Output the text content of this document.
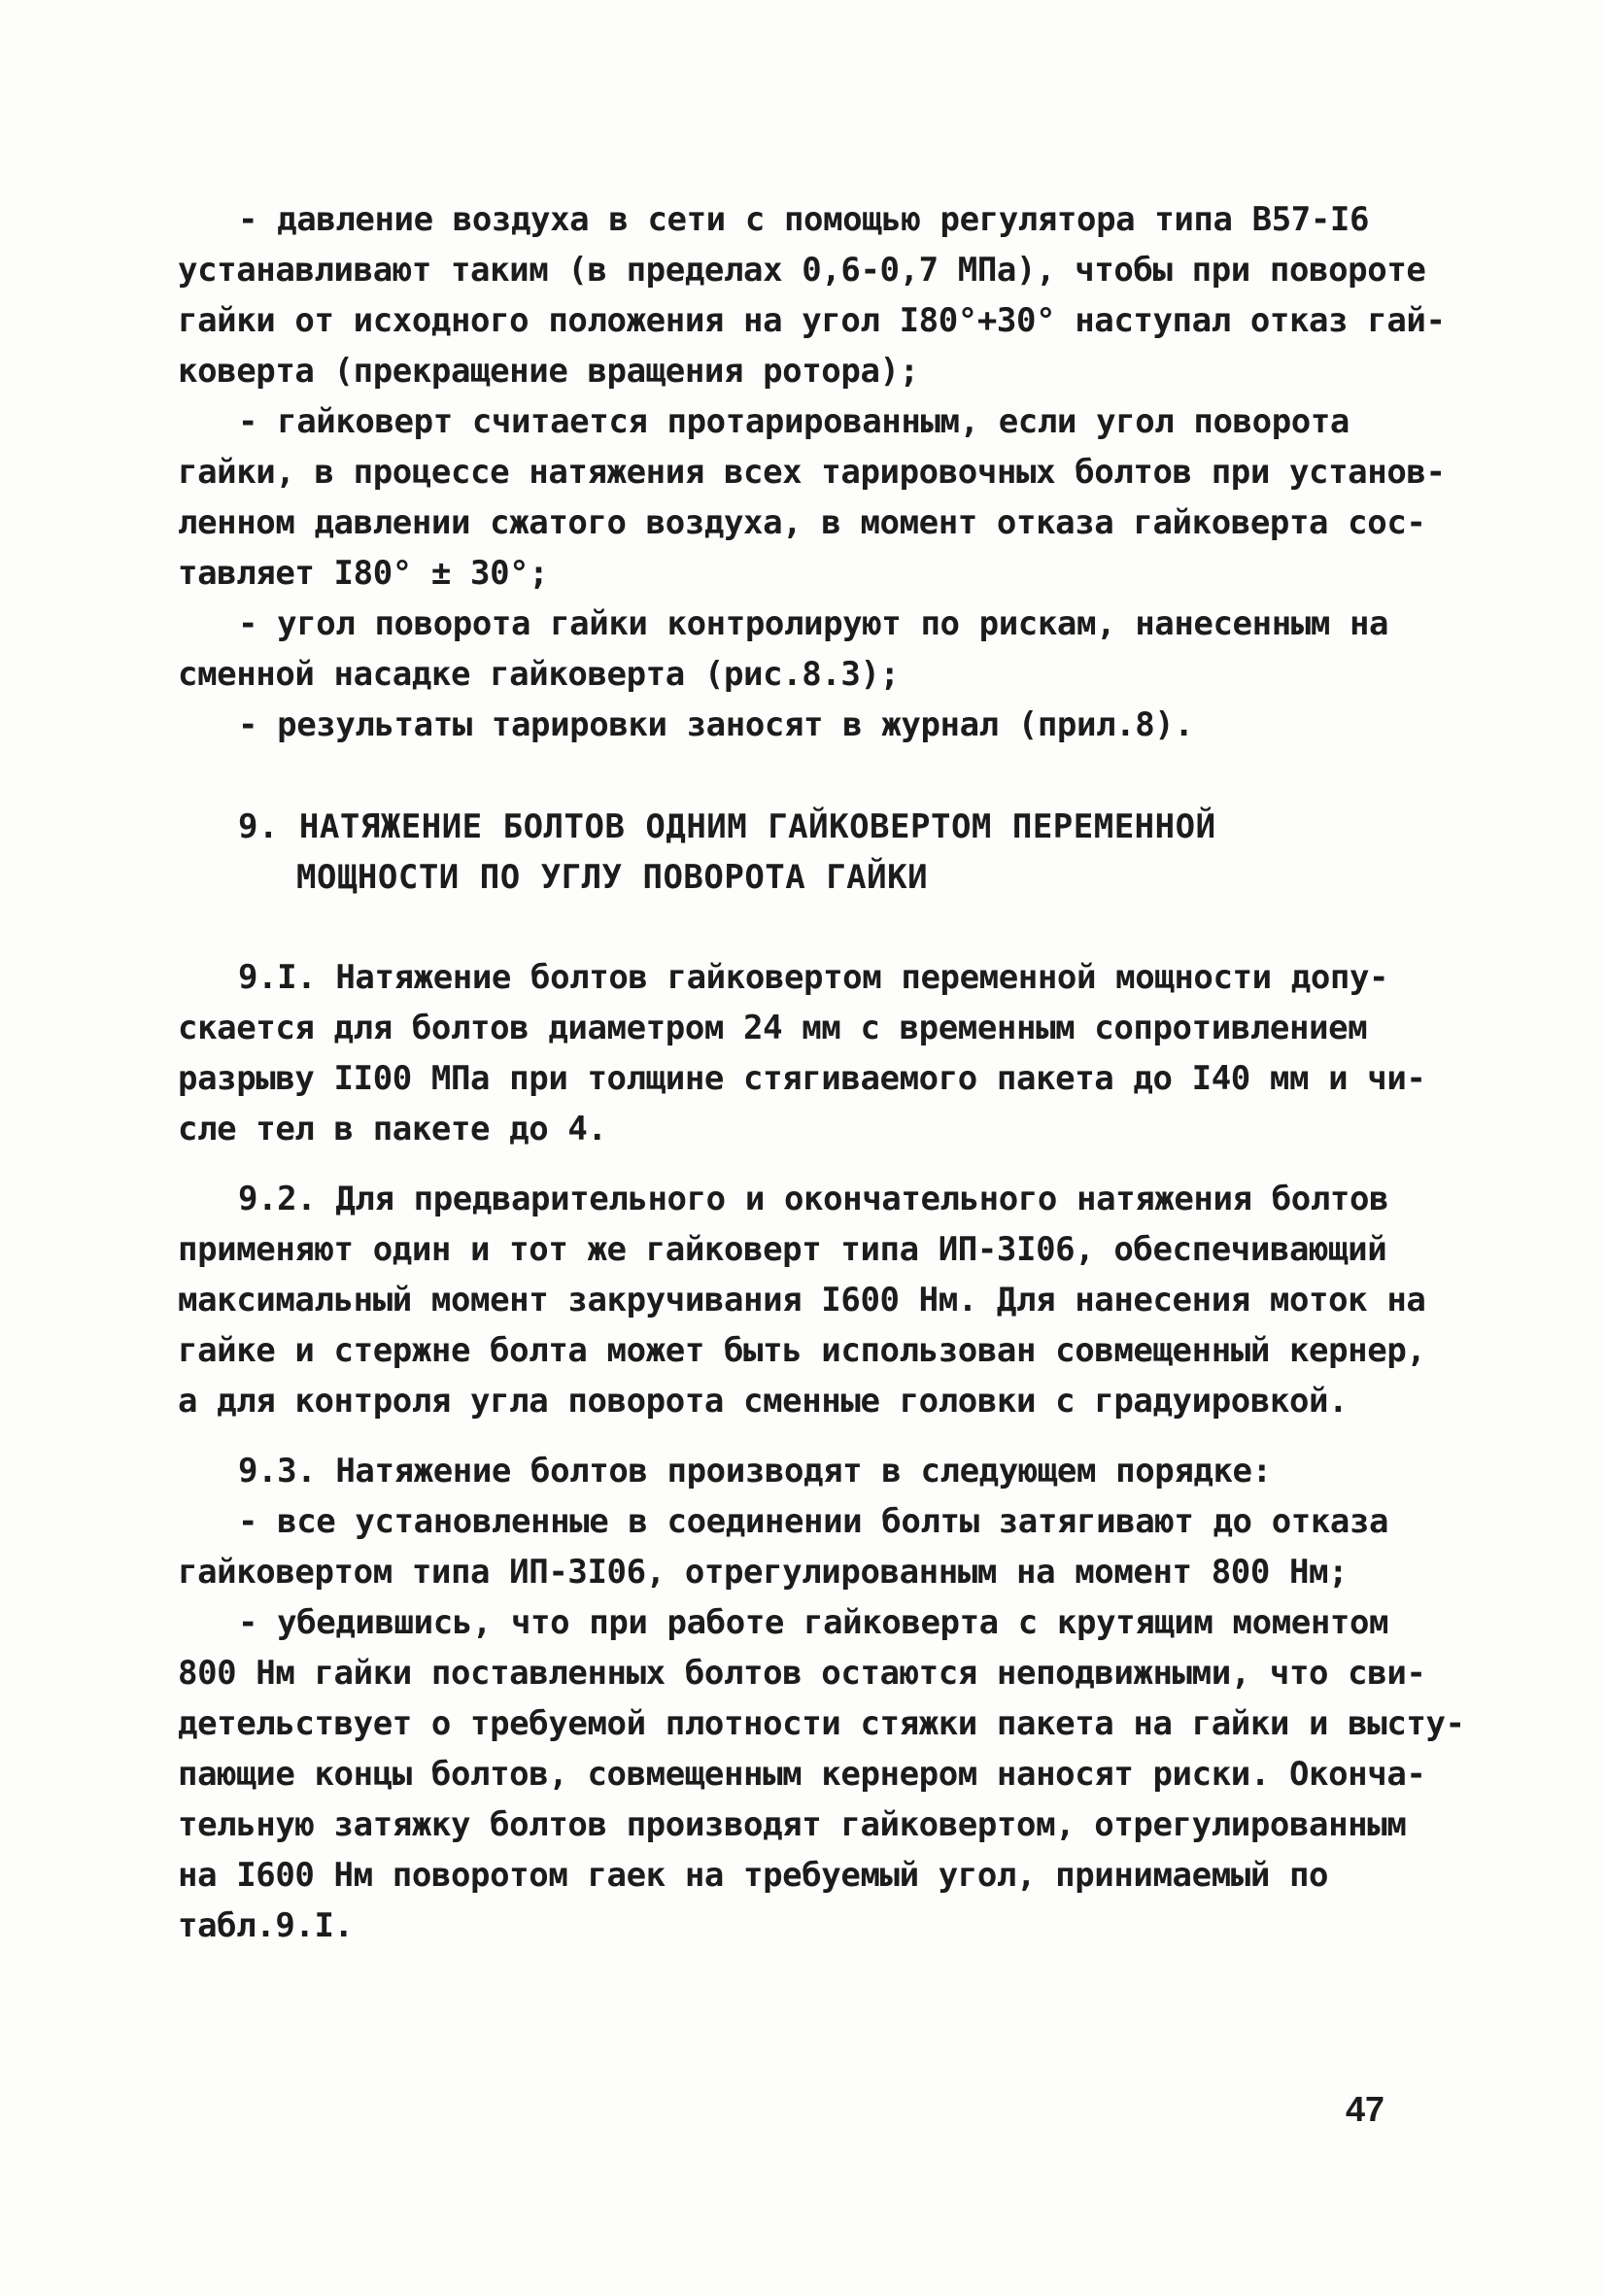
- давление воздуха в сети с помощью регулятора типа В57-I6
устанавливают таким (в пределах 0,6-0,7 МПа), чтобы при повороте
гайки от исходного положения на угол I80°+30° наступал отказ гай-
коверта (прекращение вращения ротора);
- гайковерт считается протарированным, если угол поворота
гайки, в процессе натяжения всех тарировочных болтов при установ-
ленном давлении сжатого воздуха, в момент отказа гайковерта сос-
тавляет I80° ± 30°;
- угол поворота гайки контролируют по рискам, нанесенным на
сменной насадке гайковерта (рис.8.3);
- результаты тарировки заносят в журнал (прил.8).
9. НАТЯЖЕНИЕ БОЛТОВ ОДНИМ ГАЙКОВЕРТОМ ПЕРЕМЕННОЙ
МОЩНОСТИ ПО УГЛУ ПОВОРОТА ГАЙКИ
9.I. Натяжение болтов гайковертом переменной мощности допу-
скается для болтов диаметром 24 мм с временным сопротивлением
разрыву II00 МПа при толщине стягиваемого пакета до I40 мм и чи-
сле тел в пакете до 4.
9.2. Для предварительного и окончательного натяжения болтов
применяют один и тот же гайковерт типа ИП-3I06, обеспечивающий
максимальный момент закручивания I600 Нм. Для нанесения моток на
гайке и стержне болта может быть использован совмещенный кернер,
а для контроля угла поворота сменные головки с градуировкой.
9.3. Натяжение болтов производят в следующем порядке:
- все установленные в соединении болты затягивают до отказа
гайковертом типа ИП-3I06, отрегулированным на момент 800 Нм;
- убедившись, что при работе гайковерта с крутящим моментом
800 Нм гайки поставленных болтов остаются неподвижными, что сви-
детельствует о требуемой плотности стяжки пакета на гайки и высту-
пающие концы болтов, совмещенным кернером наносят риски. Оконча-
тельную затяжку болтов производят гайковертом, отрегулированным
на I600 Нм поворотом гаек на требуемый угол, принимаемый по
табл.9.I.
47
